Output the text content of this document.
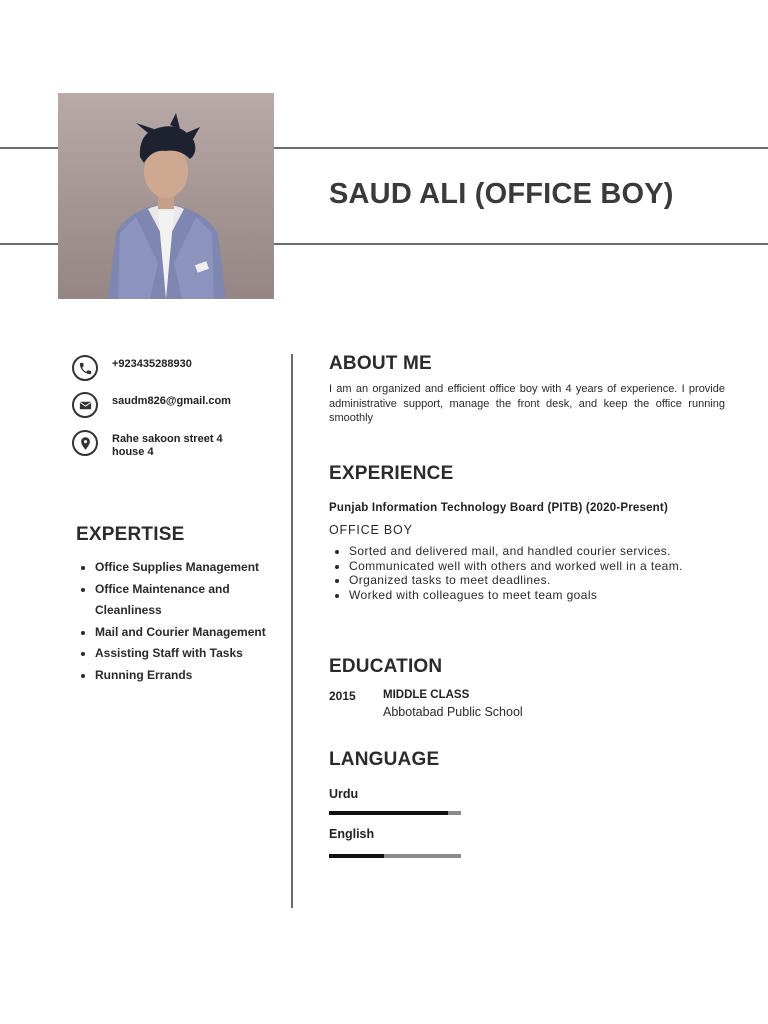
SAUD ALI (OFFICE BOY)
+923435288930
saudm826@gmail.com
Rahe sakoon street 4 house 4
EXPERTISE
• Office Supplies Management
• Office Maintenance and Cleanliness
• Mail and Courier Management
• Assisting Staff with Tasks
• Running Errands
ABOUT ME

I am an organized and efficient office boy with 4 years of experience. I provide administrative support, manage the front desk, and keep the office running smoothly

EXPERIENCE

Punjab Information Technology Board (PITB) (2020-Present)

OFFICE BOY

• Sorted and delivered mail, and handled courier services.
• Communicated well with others and worked well in a team.
• Organized tasks to meet deadlines.
• Worked with colleagues to meet team goals
EDUCATION
2015 MIDDLE CLASS
Abbotabad Public School
LANGUAGE
Urdu
English
